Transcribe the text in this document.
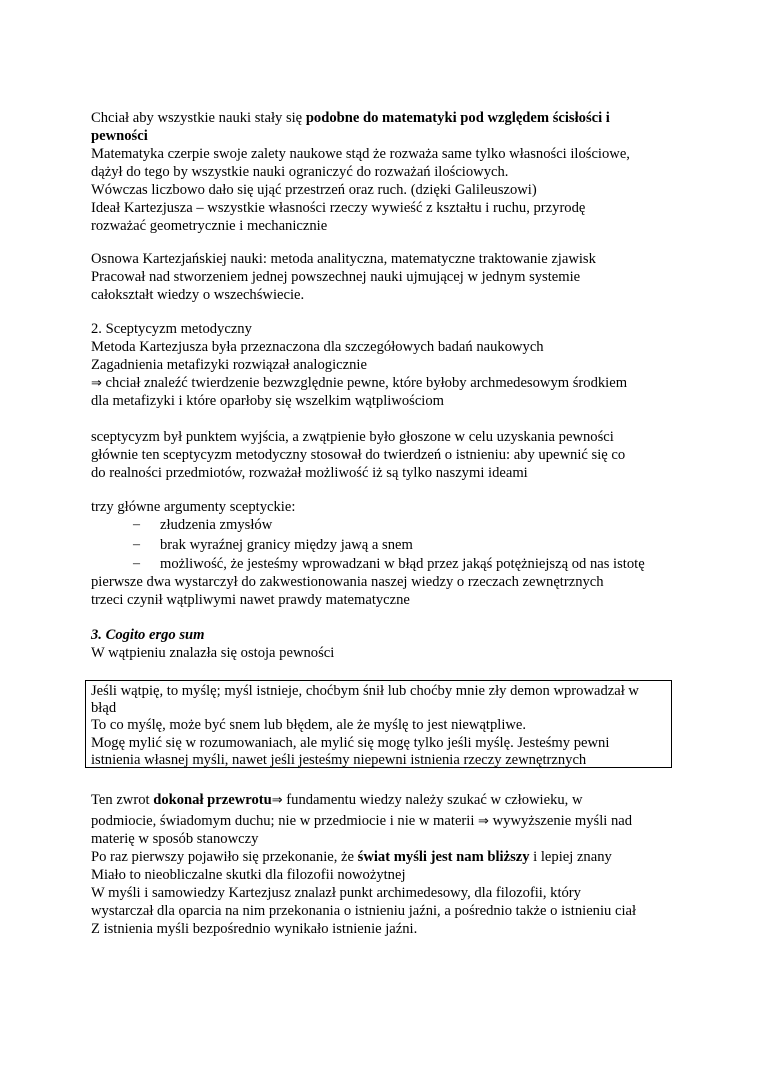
Chciał aby wszystkie nauki stały się podobne do matematyki pod względem ścisłości i
pewności
Matematyka czerpie swoje zalety naukowe stąd że rozważa same tylko własności ilościowe,
dążył do tego by wszystkie nauki ograniczyć do rozważań ilościowych.
Wówczas liczbowo dało się ująć przestrzeń oraz ruch. (dzięki Galileuszowi)
Ideał Kartezjusza – wszystkie własności rzeczy wywieść z kształtu i ruchu, przyrodę
rozważać geometrycznie i mechanicznie
Osnowa Kartezjańskiej nauki: metoda analityczna, matematyczne traktowanie zjawisk
Pracował nad stworzeniem jednej powszechnej nauki ujmującej w jednym systemie
całokształt wiedzy o wszechświecie.
2. Sceptycyzm metodyczny
Metoda Kartezjusza była przeznaczona dla szczegółowych badań naukowych
Zagadnienia metafizyki rozwiązał analogicznie
⇒ chciał znaleźć twierdzenie bezwzględnie pewne, które byłoby archmedesowym środkiem
dla metafizyki i które oparłoby się wszelkim wątpliwościom
sceptycyzm był punktem wyjścia, a zwątpienie było głoszone w celu uzyskania pewności
głównie ten sceptycyzm metodyczny stosował do twierdzeń o istnieniu: aby upewnić się co
do realności przedmiotów, rozważał możliwość iż są tylko naszymi ideami
trzy główne argumenty sceptyckie:
– złudzenia zmysłów
– brak wyraźnej granicy między jawą a snem
– możliwość, że jesteśmy wprowadzani w błąd przez jakąś potężniejszą od nas istotę
pierwsze dwa wystarczył do zakwestionowania naszej wiedzy o rzeczach zewnętrznych
trzeci czynił wątpliwymi nawet prawdy matematyczne
3. Cogito ergo sum
W wątpieniu znalazła się ostoja pewności
Jeśli wątpię, to myślę; myśl istnieje, choćbym śnił lub choćby mnie zły demon wprowadzał w
błąd
To co myślę, może być snem lub błędem, ale że myślę to jest niewątpliwe.
Mogę mylić się w rozumowaniach, ale mylić się mogę tylko jeśli myślę. Jesteśmy pewni
istnienia własnej myśli, nawet jeśli jesteśmy niepewni istnienia rzeczy zewnętrznych
Ten zwrot dokonał przewrotu⇒ fundamentu wiedzy należy szukać w człowieku, w
podmiocie, świadomym duchu; nie w przedmiocie i nie w materii ⇒ wywyższenie myśli nad
materię w sposób stanowczy
Po raz pierwszy pojawiło się przekonanie, że świat myśli jest nam bliższy i lepiej znany
Miało to nieobliczalne skutki dla filozofii nowożytnej
W myśli i samowiedzy Kartezjusz znalazł punkt archimedesowy, dla filozofii, który
wystarczał dla oparcia na nim przekonania o istnieniu jaźni, a pośrednio także o istnieniu ciał
Z istnienia myśli bezpośrednio wynikało istnienie jaźni.
